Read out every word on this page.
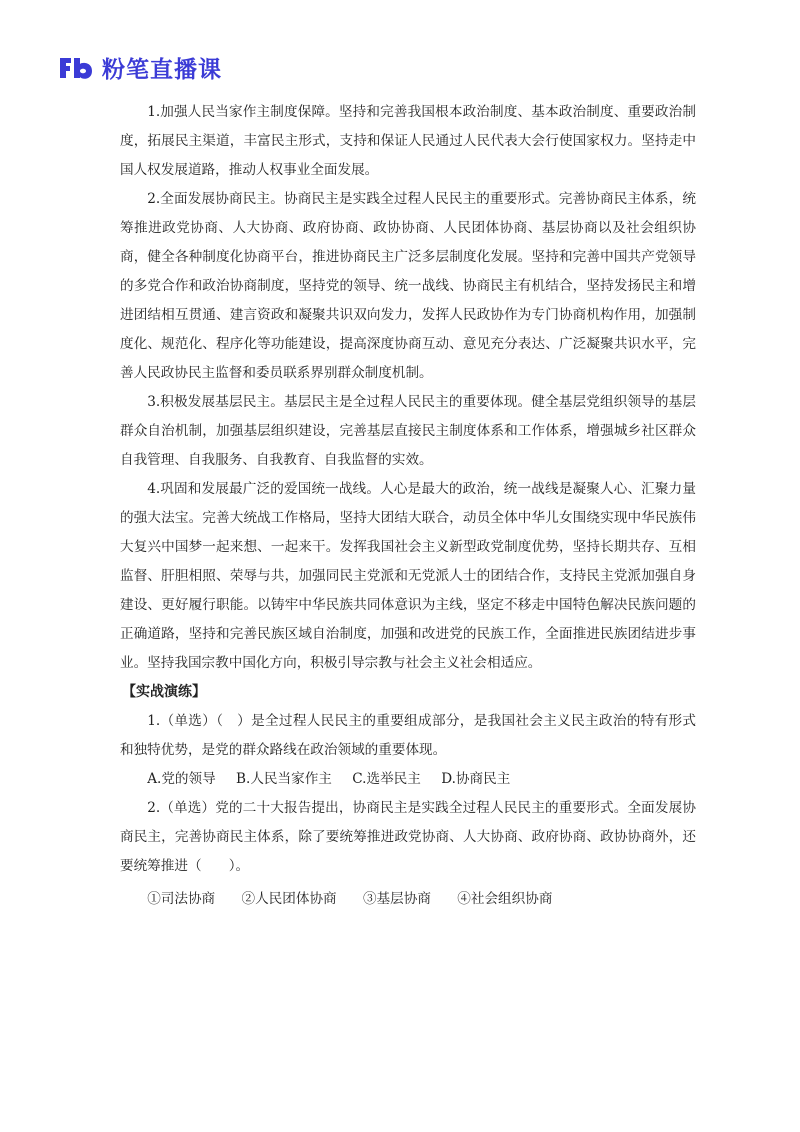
粉笔直播课

1.加强人民当家作主制度保障。坚持和完善我国根本政治制度、基本政治制度、重要政治制度，拓展民主渠道，丰富民主形式，支持和保证人民通过人民代表大会行使国家权力。坚持走中国人权发展道路，推动人权事业全面发展。

2.全面发展协商民主。协商民主是实践全过程人民民主的重要形式。完善协商民主体系，统筹推进政党协商、人大协商、政府协商、政协协商、人民团体协商、基层协商以及社会组织协商，健全各种制度化协商平台，推进协商民主广泛多层制度化发展。坚持和完善中国共产党领导的多党合作和政治协商制度，坚持党的领导、统一战线、协商民主有机结合，坚持发扬民主和增进团结相互贯通、建言资政和凝聚共识双向发力，发挥人民政协作为专门协商机构作用，加强制度化、规范化、程序化等功能建设，提高深度协商互动、意见充分表达、广泛凝聚共识水平，完善人民政协民主监督和委员联系界别群众制度机制。

3.积极发展基层民主。基层民主是全过程人民民主的重要体现。健全基层党组织领导的基层群众自治机制，加强基层组织建设，完善基层直接民主制度体系和工作体系，增强城乡社区群众自我管理、自我服务、自我教育、自我监督的实效。

4.巩固和发展最广泛的爱国统一战线。人心是最大的政治，统一战线是凝聚人心、汇聚力量的强大法宝。完善大统战工作格局，坚持大团结大联合，动员全体中华儿女围绕实现中华民族伟大复兴中国梦一起来想、一起来干。发挥我国社会主义新型政党制度优势，坚持长期共存、互相监督、肝胆相照、荣辱与共，加强同民主党派和无党派人士的团结合作，支持民主党派加强自身建设、更好履行职能。以铸牢中华民族共同体意识为主线，坚定不移走中国特色解决民族问题的正确道路，坚持和完善民族区域自治制度，加强和改进党的民族工作，全面推进民族团结进步事业。坚持我国宗教中国化方向，积极引导宗教与社会主义社会相适应。

【实战演练】

1.（单选）（　）是全过程人民民主的重要组成部分，是我国社会主义民主政治的特有形式和独特优势，是党的群众路线在政治领域的重要体现。

A.党的领导 B.人民当家作主 C.选举民主 D.协商民主

2.（单选）党的二十大报告提出，协商民主是实践全过程人民民主的重要形式。全面发展协商民主，完善协商民主体系，除了要统筹推进政党协商、人大协商、政府协商、政协协商外，还要统筹推进（　　）。

①司法协商 ②人民团体协商 ③基层协商 ④社会组织协商
